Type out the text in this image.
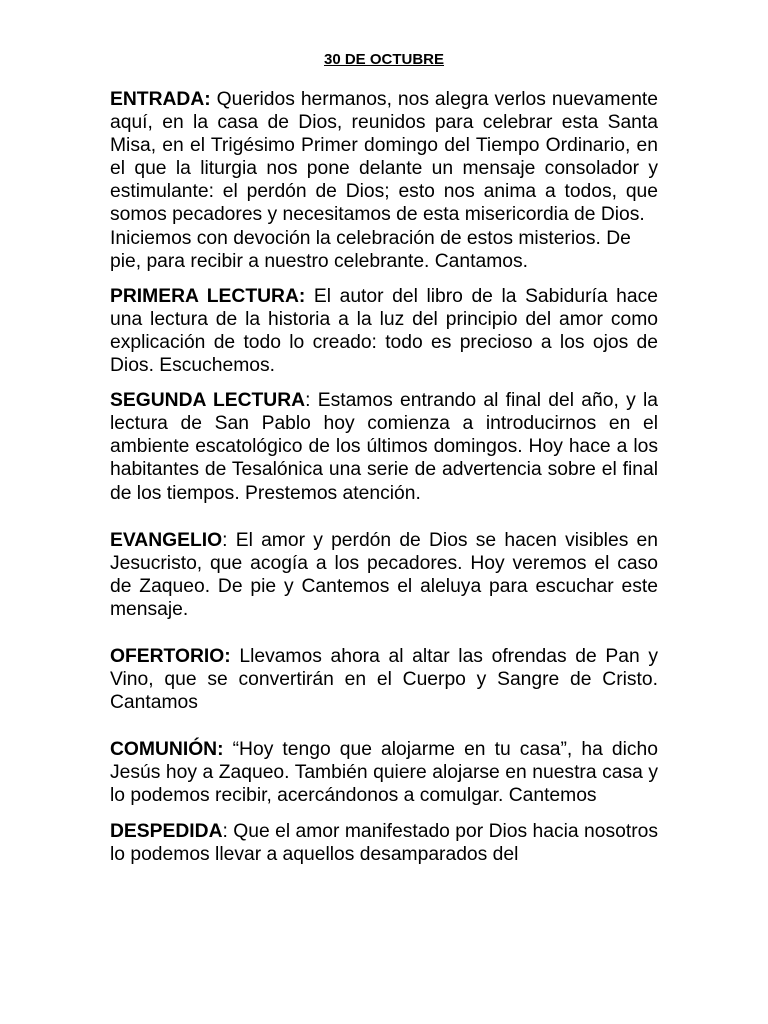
30 DE OCTUBRE

ENTRADA: Queridos hermanos, nos alegra verlos nuevamente aquí, en la casa de Dios, reunidos para celebrar esta Santa Misa, en el Trigésimo Primer domingo del Tiempo Ordinario, en el que la liturgia nos pone delante un mensaje consolador y estimulante: el perdón de Dios; esto nos anima a todos, que somos pecadores y necesitamos de esta misericordia de Dios.

Iniciemos con devoción la celebración de estos misterios. De pie, para recibir a nuestro celebrante. Cantamos.

PRIMERA LECTURA: El autor del libro de la Sabiduría hace una lectura de la historia a la luz del principio del amor como explicación de todo lo creado: todo es precioso a los ojos de Dios. Escuchemos.

SEGUNDA LECTURA: Estamos entrando al final del año, y la lectura de San Pablo hoy comienza a introducirnos en el ambiente escatológico de los últimos domingos. Hoy hace a los habitantes de Tesalónica una serie de advertencia sobre el final de los tiempos. Prestemos atención.

EVANGELIO: El amor y perdón de Dios se hacen visibles en Jesucristo, que acogía a los pecadores. Hoy veremos el caso de Zaqueo. De pie y Cantemos el aleluya para escuchar este mensaje.

OFERTORIO: Llevamos ahora al altar las ofrendas de Pan y Vino, que se convertirán en el Cuerpo y Sangre de Cristo. Cantamos

COMUNIÓN: “Hoy tengo que alojarme en tu casa”, ha dicho Jesús hoy a Zaqueo. También quiere alojarse en nuestra casa y lo podemos recibir, acercándonos a comulgar. Cantemos

DESPEDIDA: Que el amor manifestado por Dios hacia nosotros lo podemos llevar a aquellos desamparados del
